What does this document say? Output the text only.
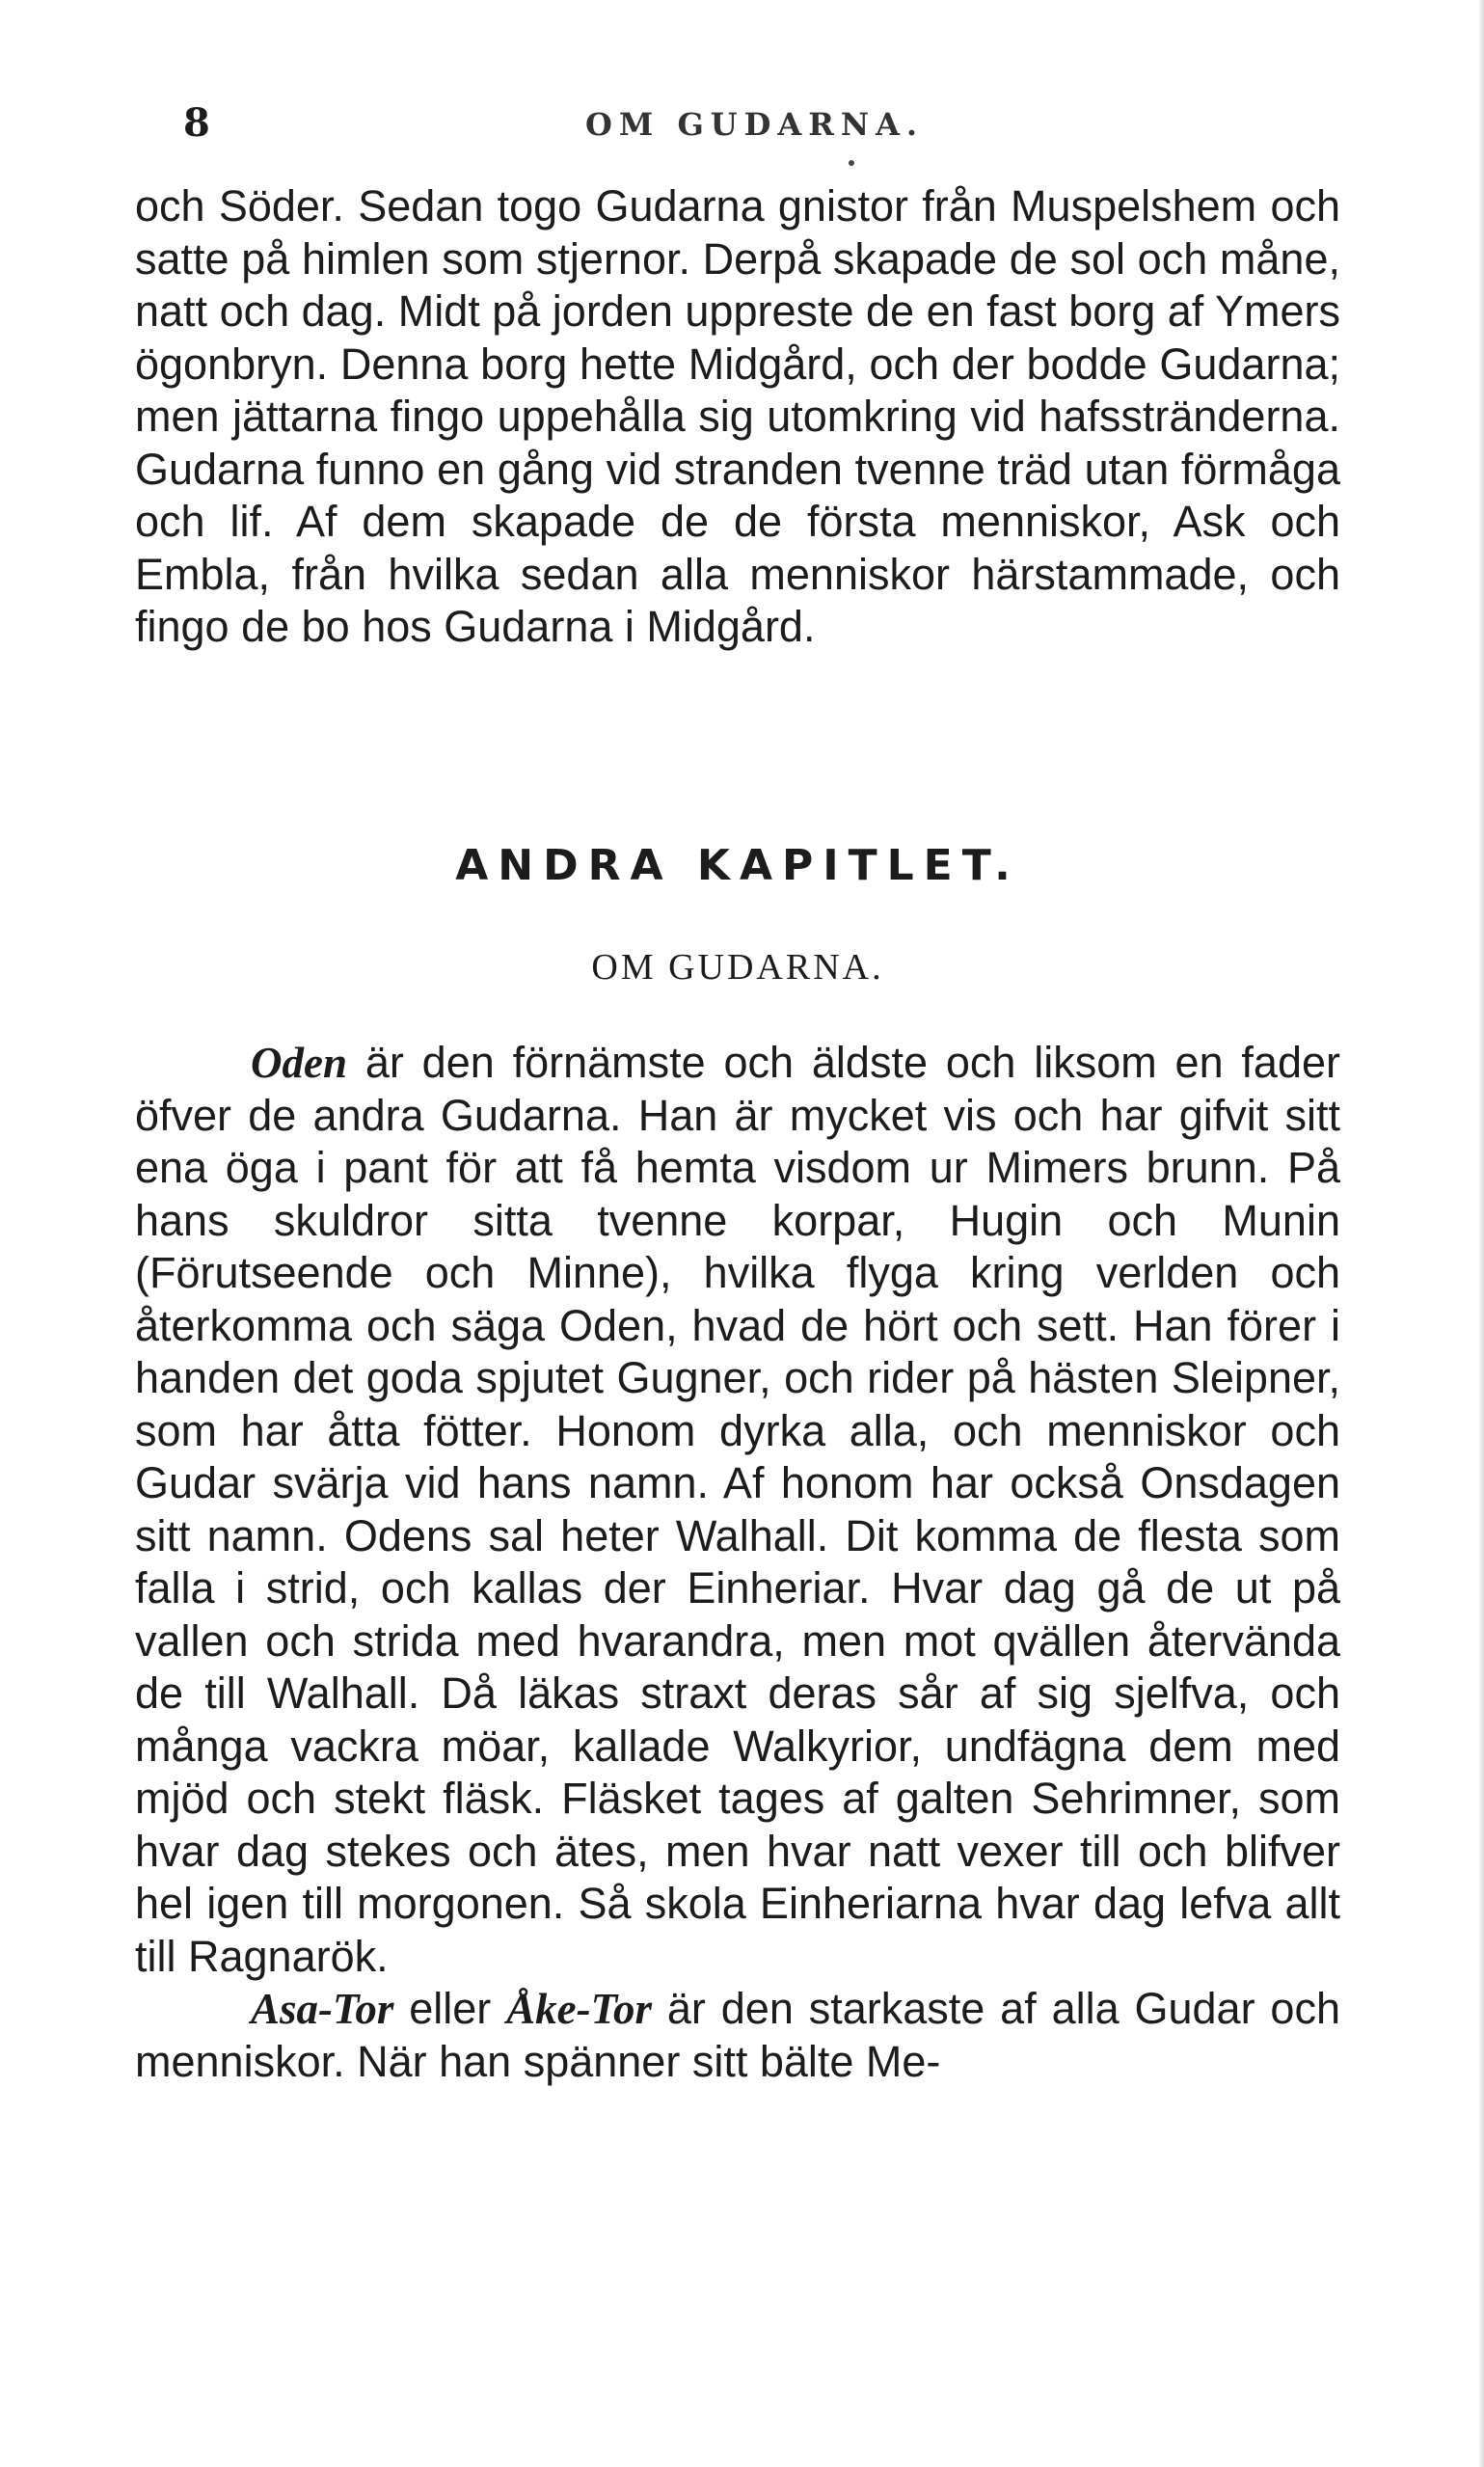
8	OM GUDARNA.

och Söder. Sedan togo Gudarna gnistor från Muspelshem och satte på himlen som stjernor. Derpå skapade de sol och måne, natt och dag. Midt på jorden upprestе de en fast borg af Ymers ögonbryn. Denna borg hette Midgård, och der bodde Gudarna; men jättarna fingo uppehålla sig utomkring vid hafsstränderna. Gudarna funno en gång vid stranden tvenne träd utan förmåga och lif. Af dem skapade de de första menniskor, Ask och Embla, från hvilka sedan alla menniskor härstammade, och fingo de bo hos Gudarna i Midgård.

ANDRA KAPITLET.
OM GUDARNA.

Oden är den förnämste och äldste och liksom en fader öfver de andra Gudarna. Han är mycket vis och har gifvit sitt ena öga i pant för att få hemta visdom ur Mimers brunn. På hans skuldror sitta tvenne korpar, Hugin och Munin (Förutseende och Minne), hvilka flyga kring verlden och återkomma och säga Oden, hvad de hört och sett. Han förer i handen det goda spjutet Gugner, och rider på hästen Sleipner, som har åtta fötter. Honom dyrka alla, och menniskor och Gudar svärja vid hans namn. Af honom har också Onsdagen sitt namn. Odens sal heter Walhall. Dit komma de flesta som falla i strid, och kallas der Einheriar. Hvar dag gå de ut på vallen och strida med hvarandra, men mot qvällen återvända de till Walhall. Då läkas straxt deras sår af sig sjelfva, och många vackra möar, kallade Walkyrior, undfägna dem med mjöd och stekt fläsk. Fläsket tages af galten Sehrimner, som hvar dag stekes och ätes, men hvar natt vexer till och blifver hel igen till morgonen. Så skola Einheriarna hvar dag lefva allt till Ragnarök.

Asa-Tor eller Åke-Tor är den starkaste af alla Gudar och menniskor. När han spänner sitt bälte Me-
